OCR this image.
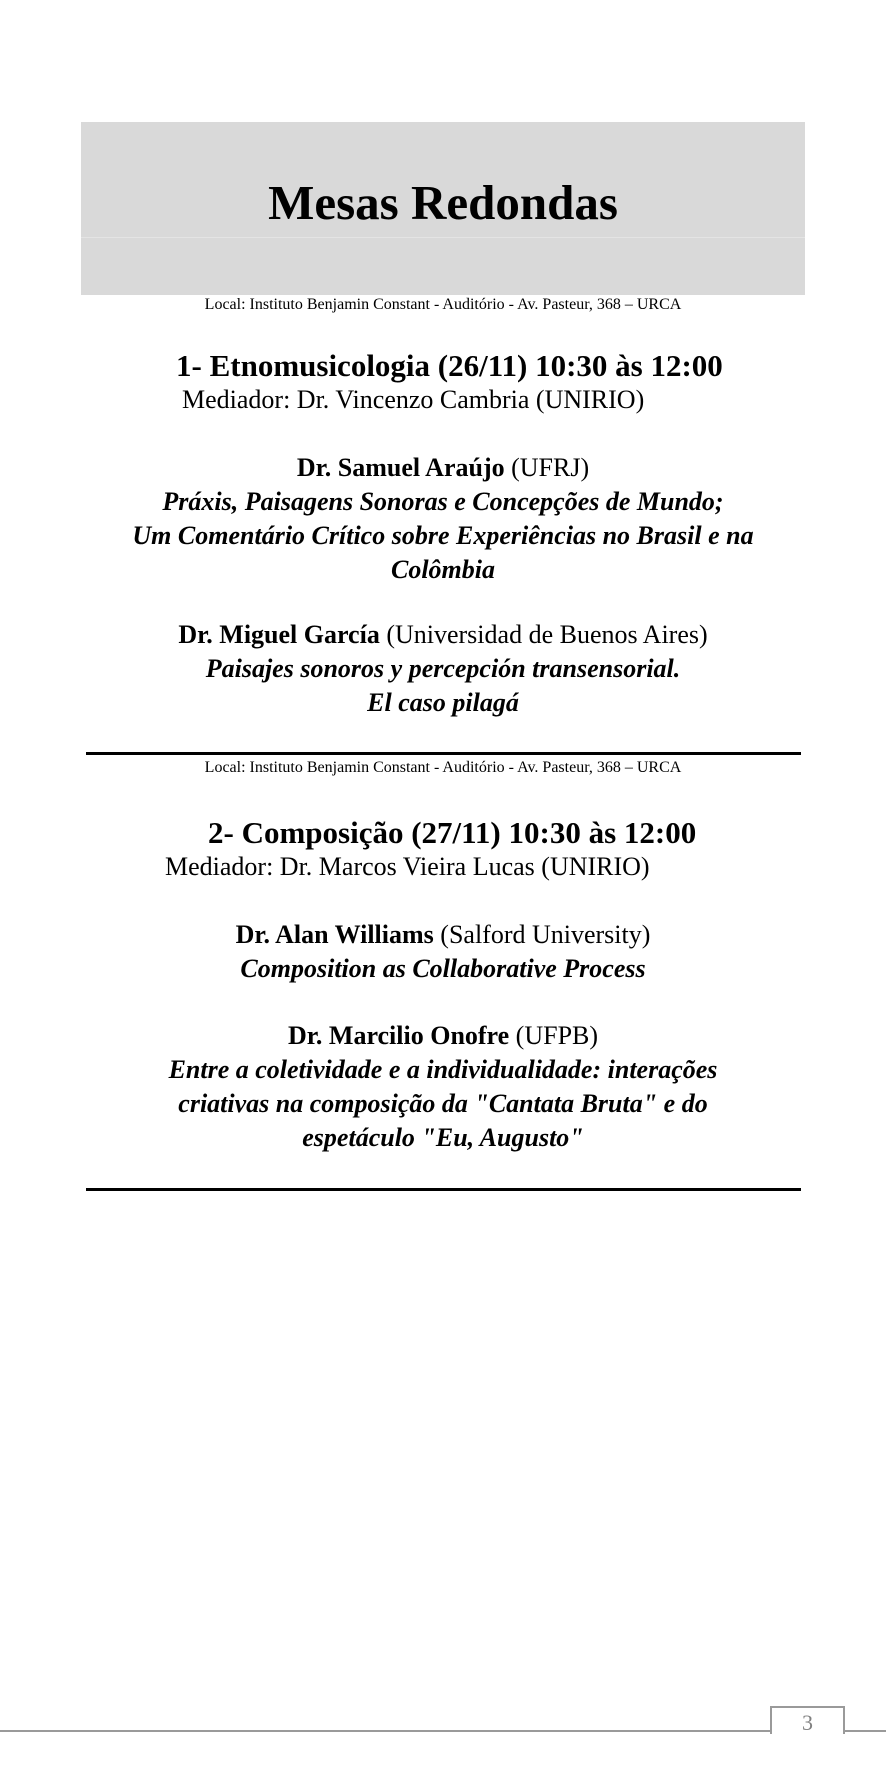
Mesas Redondas
Local: Instituto Benjamin Constant - Auditório - Av. Pasteur, 368 – URCA
1- Etnomusicologia (26/11) 10:30 às 12:00
Mediador: Dr. Vincenzo Cambria (UNIRIO)
Dr. Samuel Araújo (UFRJ)
Práxis, Paisagens Sonoras e Concepções de Mundo;
Um Comentário Crítico sobre Experiências no Brasil e na
Colômbia
Dr. Miguel García (Universidad de Buenos Aires)
Paisajes sonoros y percepción transensorial.
El caso pilagá
Local: Instituto Benjamin Constant - Auditório - Av. Pasteur, 368 – URCA
2- Composição (27/11) 10:30 às 12:00
Mediador: Dr. Marcos Vieira Lucas (UNIRIO)
Dr. Alan Williams (Salford University)
Composition as Collaborative Process
Dr. Marcilio Onofre (UFPB)
Entre a coletividade e a individualidade: interações
criativas na composição da "Cantata Bruta" e do
espetáculo "Eu, Augusto"
3
